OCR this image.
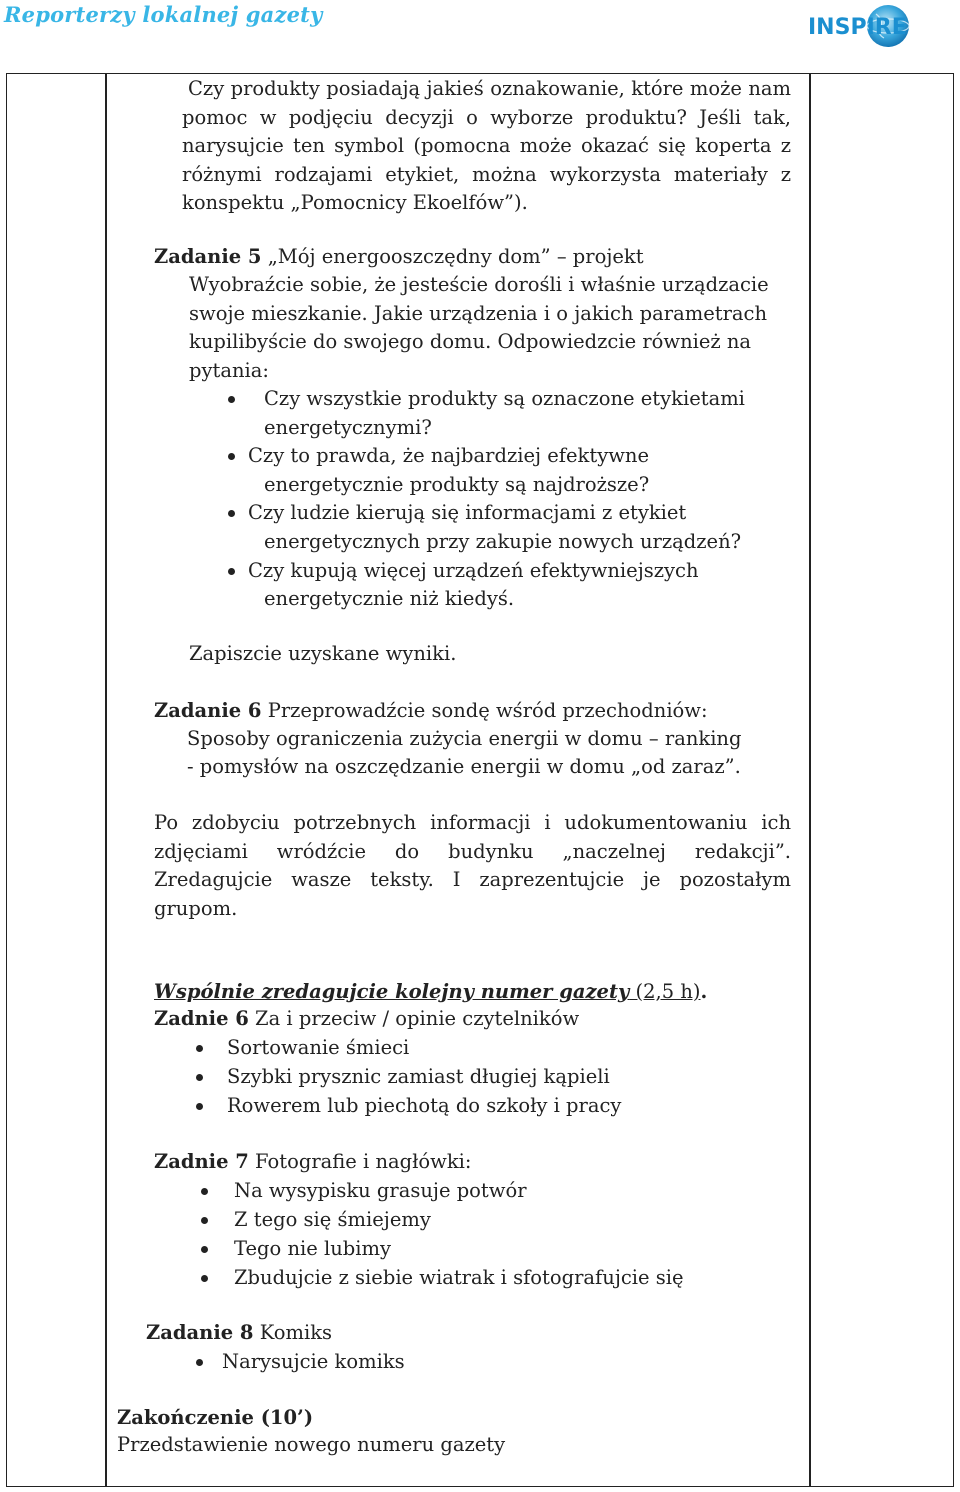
Reporterzy lokalnej gazety
INSPIRE

Czy produkty posiadają jakieś oznakowanie, które może nam pomoc w podjęciu decyzji o wyborze produktu? Jeśli tak, narysujcie ten symbol (pomocna może okazać się koperta z różnymi rodzajami etykiet, można wykorzysta materiały z konspektu „Pomocnicy Ekoelfów”).

Zadanie 5 „Mój energooszczędny dom” – projekt

Wyobraźcie sobie, że jesteście dorośli i właśnie urządzacie swoje mieszkanie. Jakie urządzenia i o jakich parametrach kupilibyście do swojego domu. Odpowiedzcie również na pytania:

Czy wszystkie produkty są oznaczone etykietami energetycznymi?
Czy to prawda, że najbardziej efektywne energetycznie produkty są najdroższe?
Czy ludzie kierują się informacjami z etykiet energetycznych przy zakupie nowych urządzeń?
Czy kupują więcej urządzeń efektywniejszych energetycznie niż kiedyś.

Zapiszcie uzyskane wyniki.

Zadanie 6 Przeprowadźcie sondę wśród przechodniów:

Sposoby ograniczenia zużycia energii w domu – ranking

- pomysłów na oszczędzanie energii w domu „od zaraz”.

Po zdobyciu potrzebnych informacji i udokumentowaniu ich zdjęciami wródźcie do budynku „naczelnej redakcji”. Zredagujcie wasze teksty. I zaprezentujcie je pozostałym grupom.

Wspólnie zredagujcie kolejny numer gazety (2,5 h).

Zadnie 6 Za i przeciw / opinie czytelników

Sortowanie śmieci
Szybki prysznic zamiast długiej kąpieli
Rowerem lub piechotą do szkoły i pracy

Zadnie 7 Fotografie i nagłówki:

Na wysypisku grasuje potwór
Z tego się śmiejemy
Tego nie lubimy
Zbudujcie z siebie wiatrak i sfotografujcie się

Zadanie 8 Komiks

Narysujcie komiks

Zakończenie (10’)

Przedstawienie nowego numeru gazety
